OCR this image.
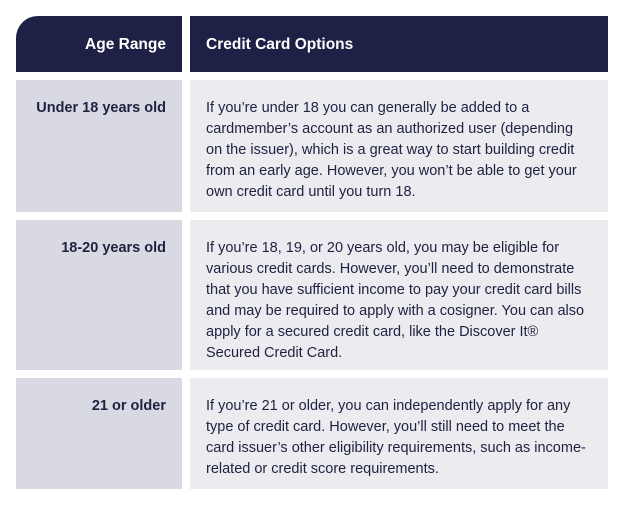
Age Range	Credit Card Options
Under 18 years old	If you’re under 18 you can generally be added to a cardmember’s account as an authorized user (depending on the issuer), which is a great way to start building credit from an early age. However, you won’t be able to get your own credit card until you turn 18.
18-20 years old	If you’re 18, 19, or 20 years old, you may be eligible for various credit cards. However, you’ll need to demonstrate that you have sufficient income to pay your credit card bills and may be required to apply with a cosigner. You can also apply for a secured credit card, like the Discover It® Secured Credit Card.
21 or older	If you’re 21 or older, you can independently apply for any type of credit card. However, you’ll still need to meet the card issuer’s other eligibility requirements, such as income-related or credit score requirements.
